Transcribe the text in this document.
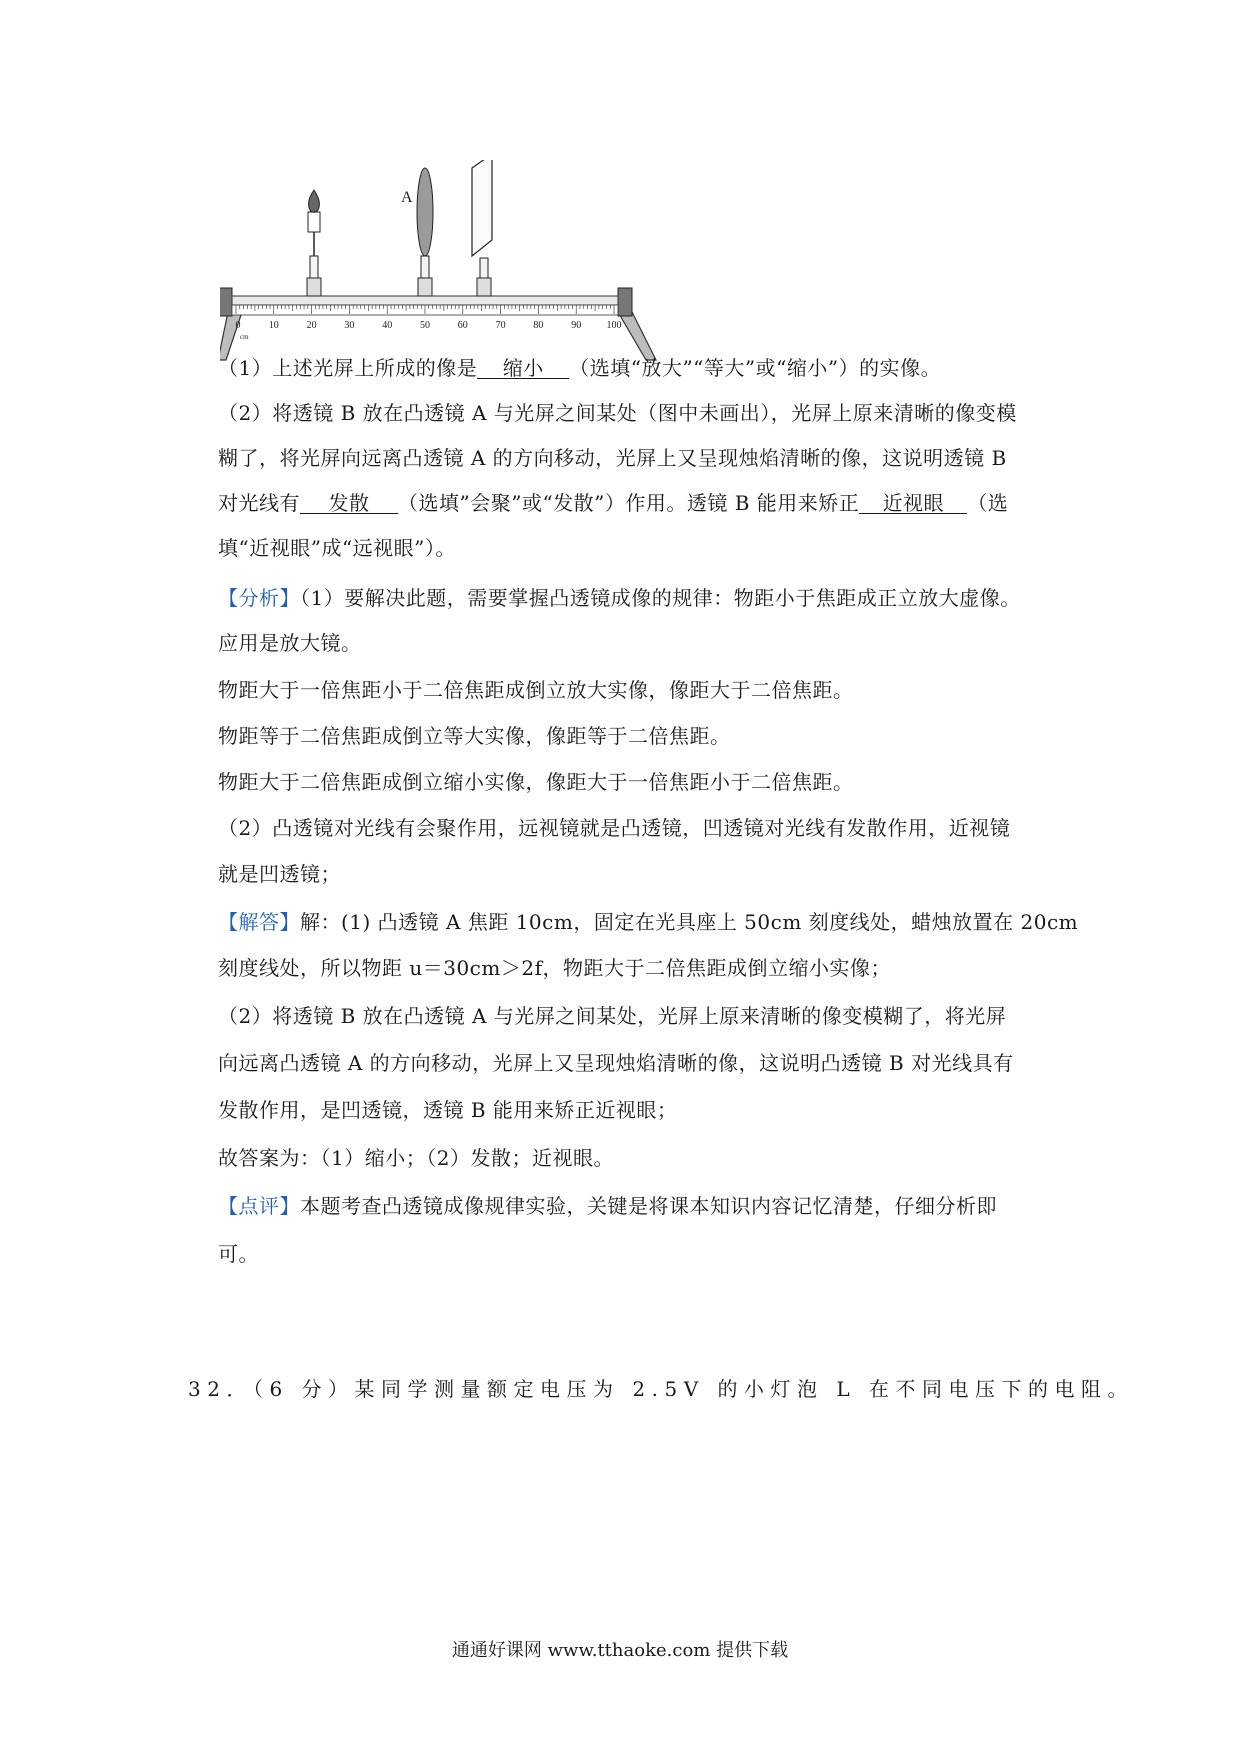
0	10	20	30	40	50	60	70	80	90	100
cm
A
（1）上述光屏上所成的像是 缩小 （选填“放大”“等大”或“缩小”）的实像。
（2）将透镜 B 放在凸透镜 A 与光屏之间某处（图中未画出），光屏上原来清晰的像变模
糊了，将光屏向远离凸透镜 A 的方向移动，光屏上又呈现烛焰清晰的像，这说明透镜 B
对光线有 发散 （选填”会聚”或“发散”）作用。透镜 B 能用来矫正 近视眼 （选
填“近视眼”成“远视眼”）。
【分析】（1）要解决此题，需要掌握凸透镜成像的规律：物距小于焦距成正立放大虚像。
应用是放大镜。
物距大于一倍焦距小于二倍焦距成倒立放大实像，像距大于二倍焦距。
物距等于二倍焦距成倒立等大实像，像距等于二倍焦距。
物距大于二倍焦距成倒立缩小实像，像距大于一倍焦距小于二倍焦距。
（2）凸透镜对光线有会聚作用，远视镜就是凸透镜，凹透镜对光线有发散作用，近视镜
就是凹透镜；
【解答】解：(1) 凸透镜 A 焦距 10cm，固定在光具座上 50cm 刻度线处，蜡烛放置在 20cm
刻度线处，所以物距 u＝30cm＞2f，物距大于二倍焦距成倒立缩小实像；
（2）将透镜 B 放在凸透镜 A 与光屏之间某处，光屏上原来清晰的像变模糊了，将光屏
向远离凸透镜 A 的方向移动，光屏上又呈现烛焰清晰的像，这说明凸透镜 B 对光线具有
发散作用，是凹透镜，透镜 B 能用来矫正近视眼；
故答案为：（1）缩小；（2）发散；近视眼。
【点评】本题考查凸透镜成像规律实验，关键是将课本知识内容记忆清楚，仔细分析即
可。
32．（6 分）某同学测量额定电压为 2.5V 的小灯泡 L 在不同电压下的电阻。
通通好课网 www.tthaoke.com 提供下载
